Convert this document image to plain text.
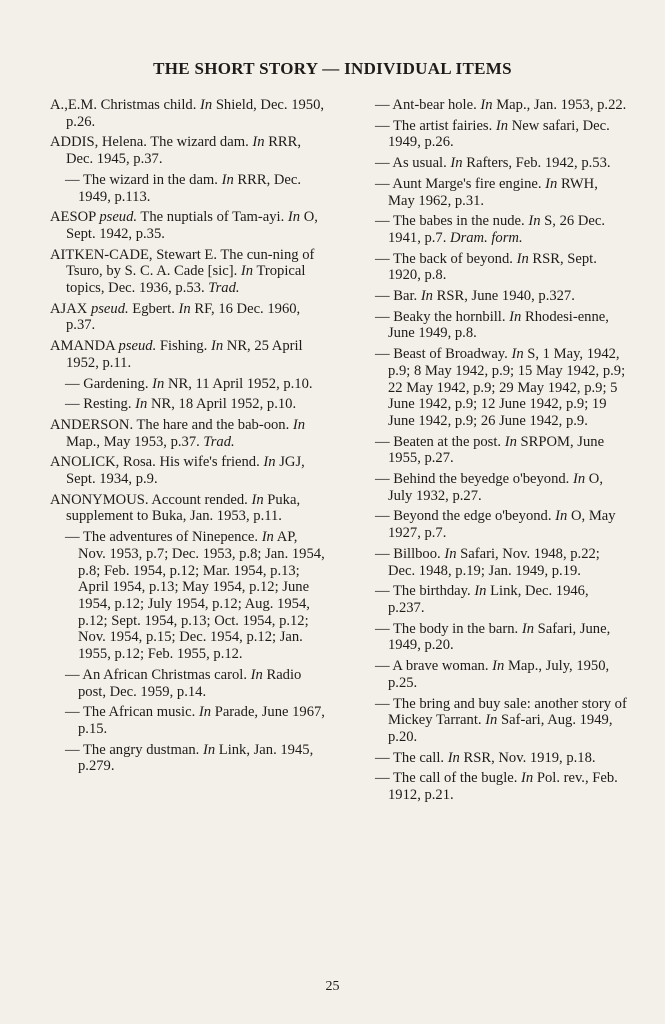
THE SHORT STORY — INDIVIDUAL ITEMS

A.,E.M. Christmas child. In Shield, Dec. 1950, p.26.

ADDIS, Helena. The wizard dam. In RRR, Dec. 1945, p.37.

— The wizard in the dam. In RRR, Dec. 1949, p.113.

AESOP pseud. The nuptials of Tam-ayi. In O, Sept. 1942, p.35.

AITKEN-CADE, Stewart E. The cun-ning of Tsuro, by S. C. A. Cade [sic]. In Tropical topics, Dec. 1936, p.53. Trad.

AJAX pseud. Egbert. In RF, 16 Dec. 1960, p.37.

AMANDA pseud. Fishing. In NR, 25 April 1952, p.11.

— Gardening. In NR, 11 April 1952, p.10.

— Resting. In NR, 18 April 1952, p.10.

ANDERSON. The hare and the bab-oon. In Map., May 1953, p.37. Trad.

ANOLICK, Rosa. His wife's friend. In JGJ, Sept. 1934, p.9.

ANONYMOUS. Account rended. In Puka, supplement to Buka, Jan. 1953, p.11.

— The adventures of Ninepence. In AP, Nov. 1953, p.7; Dec. 1953, p.8; Jan. 1954, p.8; Feb. 1954, p.12; Mar. 1954, p.13; April 1954, p.13; May 1954, p.12; June 1954, p.12; July 1954, p.12; Aug. 1954, p.12; Sept. 1954, p.13; Oct. 1954, p.12; Nov. 1954, p.15; Dec. 1954, p.12; Jan. 1955, p.12; Feb. 1955, p.12.

— An African Christmas carol. In Radio post, Dec. 1959, p.14.

— The African music. In Parade, June 1967, p.15.

— The angry dustman. In Link, Jan. 1945, p.279.

— Ant-bear hole. In Map., Jan. 1953, p.22.

— The artist fairies. In New safari, Dec. 1949, p.26.

— As usual. In Rafters, Feb. 1942, p.53.

— Aunt Marge's fire engine. In RWH, May 1962, p.31.

— The babes in the nude. In S, 26 Dec. 1941, p.7. Dram. form.

— The back of beyond. In RSR, Sept. 1920, p.8.

— Bar. In RSR, June 1940, p.327.

— Beaky the hornbill. In Rhodesi-enne, June 1949, p.8.

— Beast of Broadway. In S, 1 May, 1942, p.9; 8 May 1942, p.9; 15 May 1942, p.9; 22 May 1942, p.9; 29 May 1942, p.9; 5 June 1942, p.9; 12 June 1942, p.9; 19 June 1942, p.9; 26 June 1942, p.9.

— Beaten at the post. In SRPOM, June 1955, p.27.

— Behind the beyedge o'beyond. In O, July 1932, p.27.

— Beyond the edge o'beyond. In O, May 1927, p.7.

— Billboo. In Safari, Nov. 1948, p.22; Dec. 1948, p.19; Jan. 1949, p.19.

— The birthday. In Link, Dec. 1946, p.237.

— The body in the barn. In Safari, June, 1949, p.20.

— A brave woman. In Map., July, 1950, p.25.

— The bring and buy sale: another story of Mickey Tarrant. In Saf-ari, Aug. 1949, p.20.

— The call. In RSR, Nov. 1919, p.18.

— The call of the bugle. In Pol. rev., Feb. 1912, p.21.

25
